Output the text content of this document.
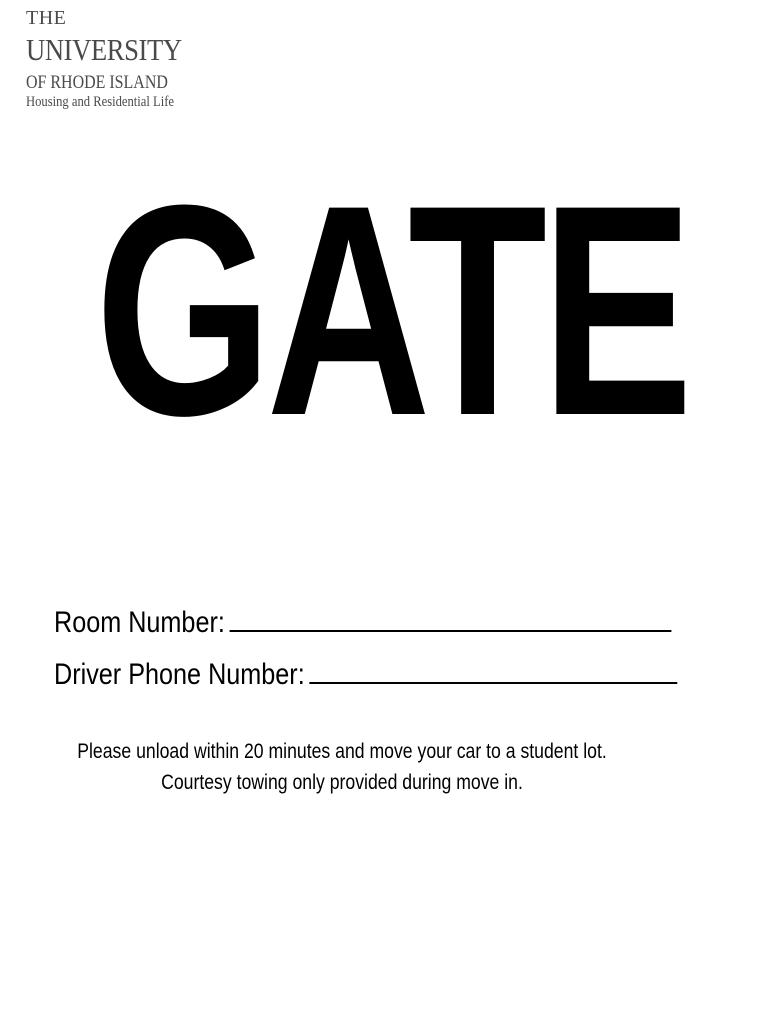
THE
UNIVERSITY
OF RHODE ISLAND
Housing and Residential Life
GATE
Room Number:
Driver Phone Number:
Please unload within 20 minutes and move your car to a student lot.
Courtesy towing only provided during move in.
